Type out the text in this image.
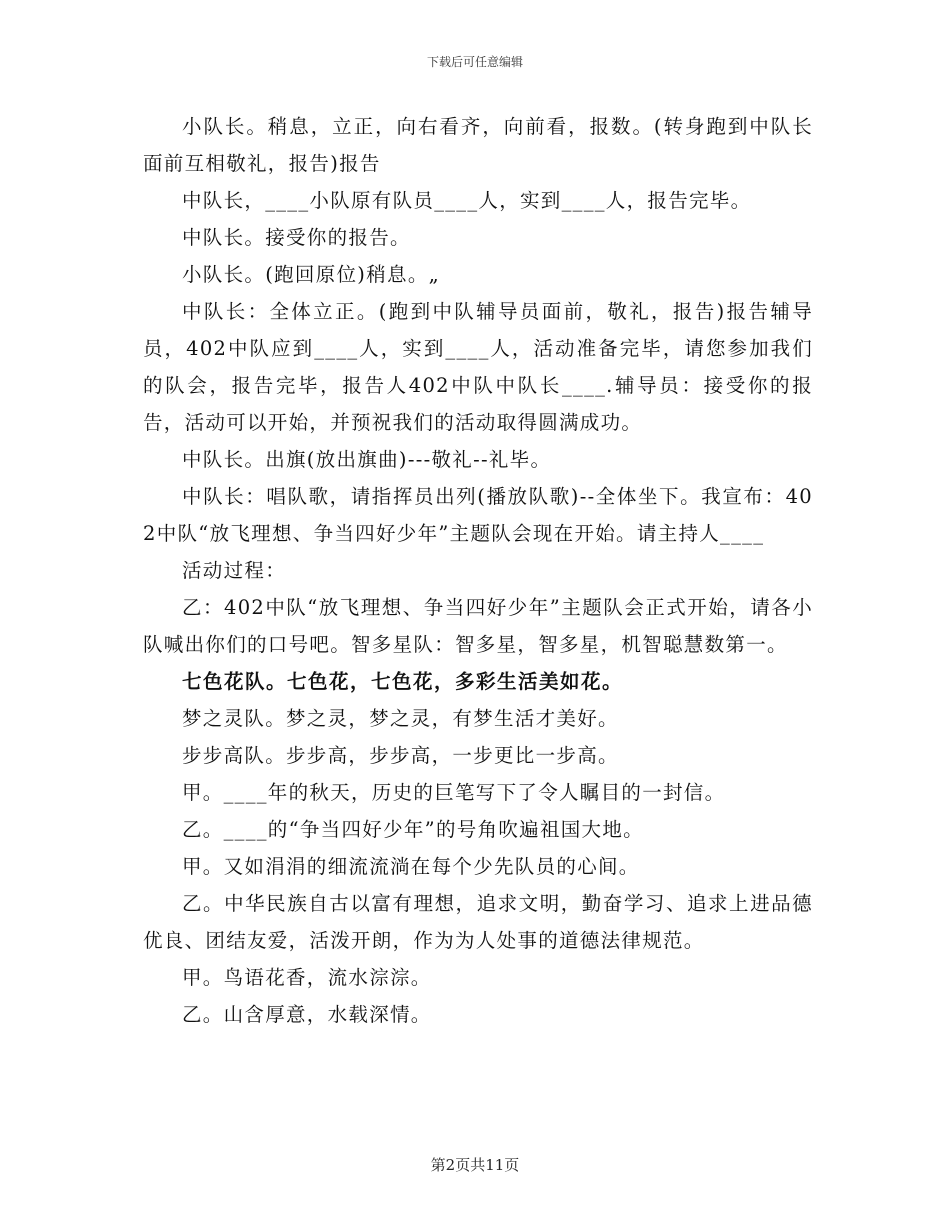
下载后可任意编辑

小队长。稍息，立正，向右看齐，向前看，报数。(转身跑到中队长面前互相敬礼，报告)报告

中队长，____小队原有队员____人，实到____人，报告完毕。

中队长。接受你的报告。

小队长。(跑回原位)稍息。„

中队长：全体立正。(跑到中队辅导员面前，敬礼，报告)报告辅导员，402中队应到____人，实到____人，活动准备完毕，请您参加我们的队会，报告完毕，报告人402中队中队长____.辅导员：接受你的报告，活动可以开始，并预祝我们的活动取得圆满成功。

中队长。出旗(放出旗曲)---敬礼--礼毕。

中队长：唱队歌，请指挥员出列(播放队歌)--全体坐下。我宣布：402中队“放飞理想、争当四好少年”主题队会现在开始。请主持人____

活动过程：

乙：402中队“放飞理想、争当四好少年”主题队会正式开始，请各小队喊出你们的口号吧。智多星队：智多星，智多星，机智聪慧数第一。

七色花队。七色花，七色花，多彩生活美如花。

梦之灵队。梦之灵，梦之灵，有梦生活才美好。

步步高队。步步高，步步高，一步更比一步高。

甲。____年的秋天，历史的巨笔写下了令人瞩目的一封信。

乙。____的“争当四好少年”的号角吹遍祖国大地。

甲。又如涓涓的细流流淌在每个少先队员的心间。

乙。中华民族自古以富有理想，追求文明，勤奋学习、追求上进品德优良、团结友爱，活泼开朗，作为为人处事的道德法律规范。

甲。鸟语花香，流水淙淙。

乙。山含厚意，水载深情。

第2页共11页
